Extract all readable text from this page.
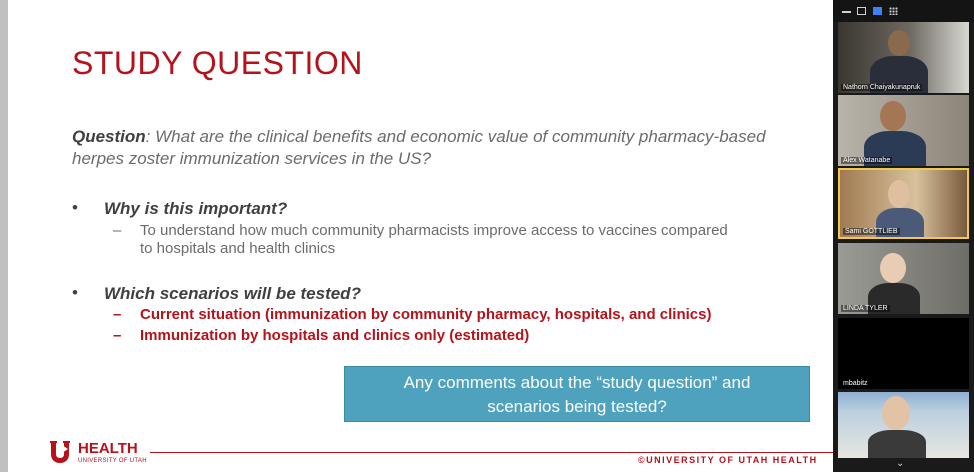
STUDY QUESTION
Question: What are the clinical benefits and economic value of community pharmacy-based herpes zoster immunization services in the US?
• Why is this important?
– To understand how much community pharmacists improve access to vaccines compared
to hospitals and health clinics
• Which scenarios will be tested?
– Current situation (immunization by community pharmacy, hospitals, and clinics)
– Immunization by hospitals and clinics only (estimated)
Any comments about the “study question” and
scenarios being tested?
HEALTH
UNIVERSITY OF UTAH	©UNIVERSITY OF UTAH HEALTH
Nathorn Chaiyakunapruk
Alex Watanabe
Sami GOTTLIEB
LINDA TYLER
mbabitz
⌄
